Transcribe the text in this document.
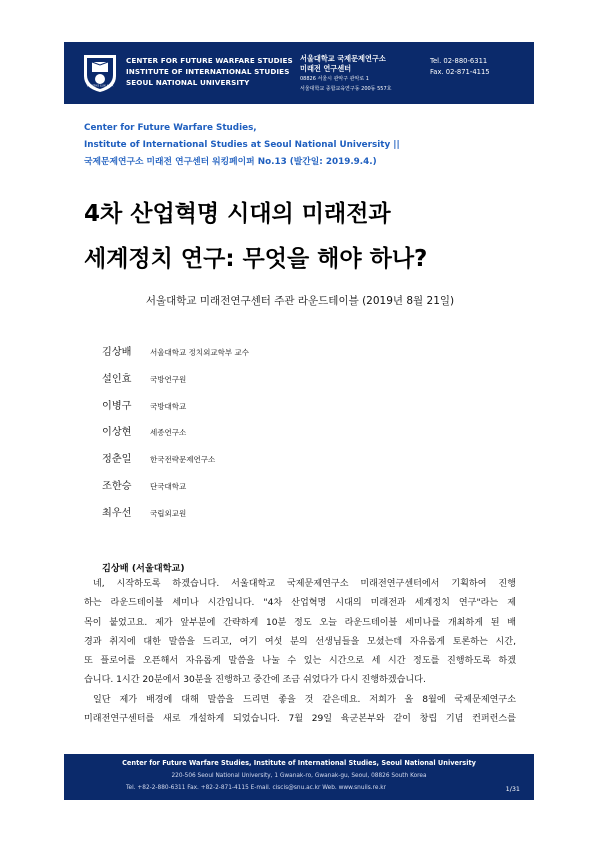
VERITAS LUX MEA
CENTER FOR FUTURE WARFARE STUDIES
INSTITUTE OF INTERNATIONAL STUDIES
SEOUL NATIONAL UNIVERSITY
서울대학교 국제문제연구소
미래전 연구센터
08826 서울시 관악구 관악로 1
서울대학교 종합교육연구동 200동 557호
Tel. 02-880-6311
Fax. 02-871-4115
Center for Future Warfare Studies,
Institute of International Studies at Seoul National University ||
국제문제연구소 미래전 연구센터 워킹페이퍼 No.13 (발간일: 2019.9.4.)
4차 산업혁명 시대의 미래전과
세계정치 연구: 무엇을 해야 하나?
서울대학교 미래전연구센터 주관 라운드테이블 (2019년 8월 21일)
김상배	서울대학교 정치외교학부 교수
설인효	국방연구원
이병구	국방대학교
이상현	세종연구소
정춘일	한국전략문제연구소
조한승	단국대학교
최우선	국립외교원
김상배 (서울대학교)
네, 시작하도록 하겠습니다. 서울대학교 국제문제연구소 미래전연구센터에서 기획하여 진행
하는 라운드테이블 세미나 시간입니다. "4차 산업혁명 시대의 미래전과 세계정치 연구"라는 제
목이 붙었고요. 제가 앞부분에 간략하게 10분 정도 오늘 라운드테이블 세미나를 개최하게 된 배
경과 취지에 대한 말씀을 드리고, 여기 여섯 분의 선생님들을 모셨는데 자유롭게 토론하는 시간,
또 플로어를 오픈해서 자유롭게 말씀을 나눌 수 있는 시간으로 세 시간 정도를 진행하도록 하겠
습니다. 1시간 20분에서 30분을 진행하고 중간에 조금 쉬었다가 다시 진행하겠습니다.
일단 제가 배경에 대해 말씀을 드리면 좋을 것 같은데요. 저희가 올 8월에 국제문제연구소
미래전연구센터를 새로 개설하게 되었습니다. 7월 29일 육군본부와 같이 창립 기념 컨퍼런스를
Center for Future Warfare Studies, Institute of International Studies, Seoul National University
220-506 Seoul National University, 1 Gwanak-ro, Gwanak-gu, Seoul, 08826 South Korea
Tel. +82-2-880-6311 Fax. +82-2-871-4115 E-mail. ciscis@snu.ac.kr Web. www.snuiis.re.kr	1/31
